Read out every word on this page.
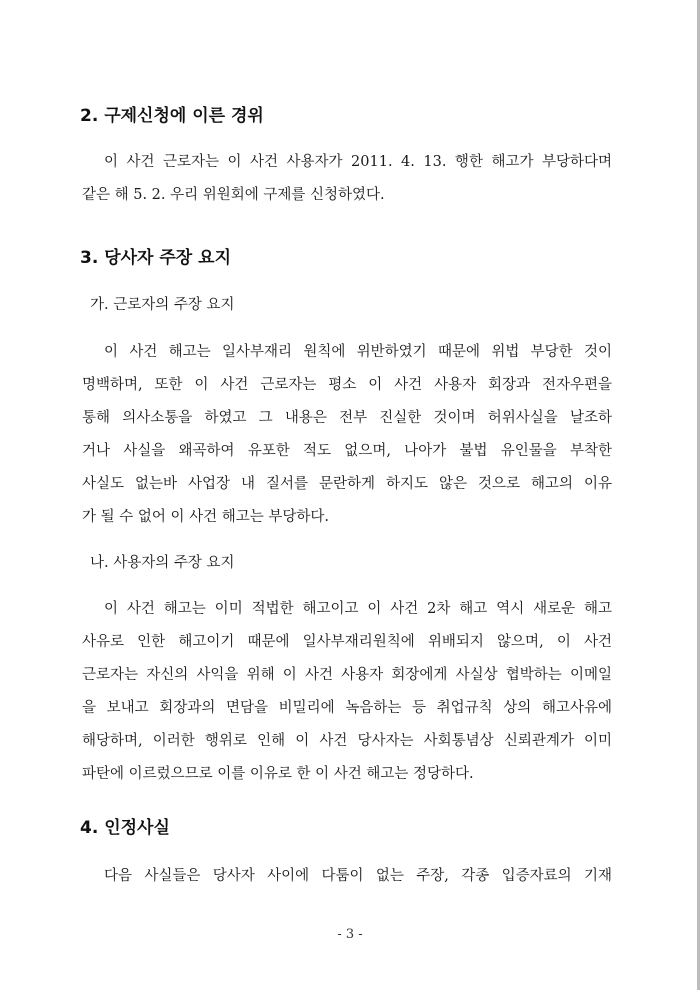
2. 구제신청에 이른 경위
이 사건 근로자는 이 사건 사용자가 2011. 4. 13. 행한 해고가 부당하다며
같은 해 5. 2. 우리 위원회에 구제를 신청하였다.
3. 당사자 주장 요지
가. 근로자의 주장 요지
이 사건 해고는 일사부재리 원칙에 위반하였기 때문에 위법 부당한 것이
명백하며, 또한 이 사건 근로자는 평소 이 사건 사용자 회장과 전자우편을
통해 의사소통을 하였고 그 내용은 전부 진실한 것이며 허위사실을 날조하
거나 사실을 왜곡하여 유포한 적도 없으며, 나아가 불법 유인물을 부착한
사실도 없는바 사업장 내 질서를 문란하게 하지도 않은 것으로 해고의 이유
가 될 수 없어 이 사건 해고는 부당하다.
나. 사용자의 주장 요지
이 사건 해고는 이미 적법한 해고이고 이 사건 2차 해고 역시 새로운 해고
사유로 인한 해고이기 때문에 일사부재리원칙에 위배되지 않으며, 이 사건
근로자는 자신의 사익을 위해 이 사건 사용자 회장에게 사실상 협박하는 이메일
을 보내고 회장과의 면담을 비밀리에 녹음하는 등 취업규칙 상의 해고사유에
해당하며, 이러한 행위로 인해 이 사건 당사자는 사회통념상 신뢰관계가 이미
파탄에 이르렀으므로 이를 이유로 한 이 사건 해고는 정당하다.
4. 인정사실
다음 사실들은 당사자 사이에 다툼이 없는 주장, 각종 입증자료의 기재
- 3 -
